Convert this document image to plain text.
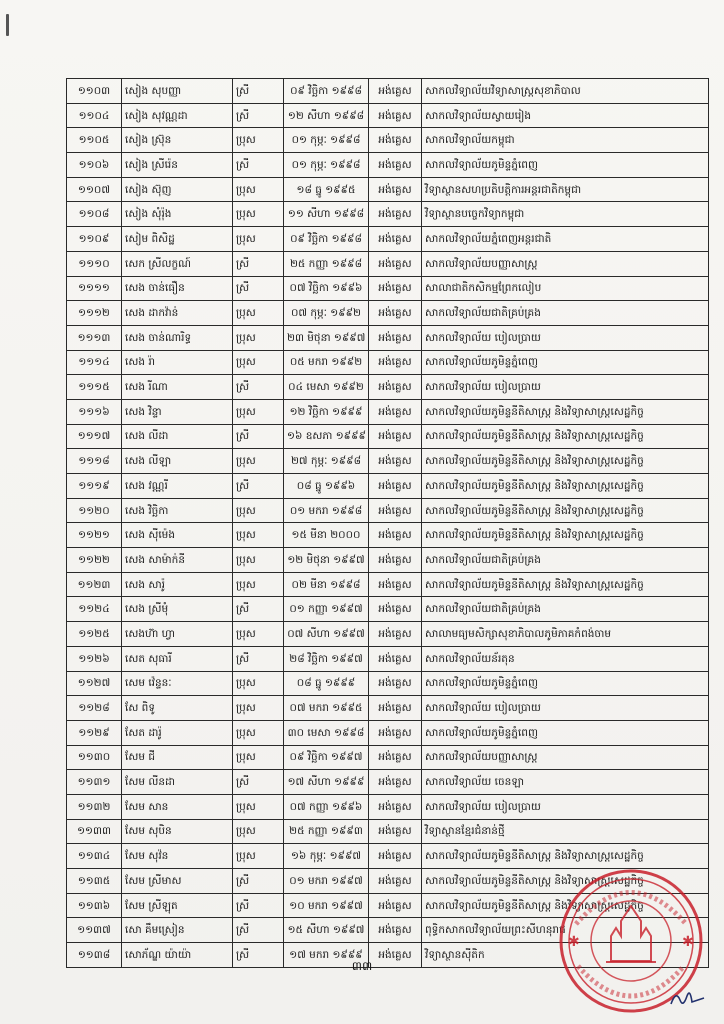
១១០៣	សៀង សុបញ្ញា	ស្រី	០៩ វិច្ឆិកា ១៩៩៨	អង់គ្លេស	សាកលវិទ្យាល័យវិទ្យាសាស្ត្រសុខាភិបាល
១១០៤	សៀង សុវណ្ណដា	ស្រី	១២ សីហា ១៩៩៨	អង់គ្លេស	សាកលវិទ្យាល័យស្វាយរៀង
១១០៥	សៀង ស្រ៊ុន	ប្រុស	០១ កុម្ភៈ ១៩៩៨	អង់គ្លេស	សាកលវិទ្យាល័យកម្ពុជា
១១០៦	សៀង ស្រីរ៉េន	ស្រី	០១ កុម្ភៈ ១៩៩៨	អង់គ្លេស	សាកលវិទ្យាល័យភូមិន្ទភ្នំពេញ
១១០៧	សៀង ស៊ុញ	ប្រុស	១៨ ធ្នូ ១៩៩៥	អង់គ្លេស	វិទ្យាស្ថានសហប្រតិបត្តិការអន្តរជាតិកម្ពុជា
១១០៨	សៀង សុំរ៉ុង	ប្រុស	១១ សីហា ១៩៩៨	អង់គ្លេស	វិទ្យាស្ថានបច្ចេកវិទ្យាកម្ពុជា
១១០៩	សៀម ពិសិដ្ឋ	ប្រុស	០៩ វិច្ឆិកា ១៩៩៨	អង់គ្លេស	សាកលវិទ្យាល័យភ្នំពេញអន្តរជាតិ
១១១០	សេក ស្រីលក្ខណ៍	ស្រី	២៥ កញ្ញា ១៩៩៨	អង់គ្លេស	សាកលវិទ្យាល័យបញ្ញាសាស្ត្រ
១១១១	សេង ចាន់ធឿន	ស្រី	០៧ វិច្ឆិកា ១៩៩៦	អង់គ្លេស	សាលាជាតិកសិកម្មព្រែកលៀប
១១១២	សេង ដាកវ៉ាន់	ប្រុស	០៧ កុម្ភៈ ១៩៩២	អង់គ្លេស	សាកលវិទ្យាល័យជាតិគ្រប់គ្រង
១១១៣	សេង ចាន់ណារិទ្ធ	ប្រុស	២៣ មិថុនា ១៩៩៧	អង់គ្លេស	សាកលវិទ្យាល័យ បៀលប្រាយ
១១១៤	សេង រ៉ា	ប្រុស	០៥ មករា ១៩៩២	អង់គ្លេស	សាកលវិទ្យាល័យភូមិន្ទភ្នំពេញ
១១១៥	សេង រីណា	ស្រី	០៤ មេសា ១៩៩២	អង់គ្លេស	សាកលវិទ្យាល័យ បៀលប្រាយ
១១១៦	សេង វិន្ទា	ប្រុស	១២ វិច្ឆិកា ១៩៩៩	អង់គ្លេស	សាកលវិទ្យាល័យភូមិន្ទនីតិសាស្ត្រ និងវិទ្យាសាស្ត្រសេដ្ឋកិច្ច
១១១៧	សេង លីដា	ស្រី	១៦ ឧសភា ១៩៩៩	អង់គ្លេស	សាកលវិទ្យាល័យភូមិន្ទនីតិសាស្ត្រ និងវិទ្យាសាស្ត្រសេដ្ឋកិច្ច
១១១៨	សេង លីឡា	ប្រុស	២៧ កុម្ភៈ ១៩៩៨	អង់គ្លេស	សាកលវិទ្យាល័យភូមិន្ទនីតិសាស្ត្រ និងវិទ្យាសាស្ត្រសេដ្ឋកិច្ច
១១១៩	សេង វណ្ណរី	ស្រី	០៨ ធ្នូ ១៩៩៦	អង់គ្លេស	សាកលវិទ្យាល័យភូមិន្ទនីតិសាស្ត្រ និងវិទ្យាសាស្ត្រសេដ្ឋកិច្ច
១១២០	សេង វិច្ឆិកា	ប្រុស	០១ មករា ១៩៩៨	អង់គ្លេស	សាកលវិទ្យាល័យភូមិន្ទនីតិសាស្ត្រ និងវិទ្យាសាស្ត្រសេដ្ឋកិច្ច
១១២១	សេង ស៊ីម៉េង	ប្រុស	១៥ មីនា ២០០០	អង់គ្លេស	សាកលវិទ្យាល័យភូមិន្ទនីតិសាស្ត្រ និងវិទ្យាសាស្ត្រសេដ្ឋកិច្ច
១១២២	សេង សាម៉ាក់នី	ប្រុស	១២ មិថុនា ១៩៩៧	អង់គ្លេស	សាកលវិទ្យាល័យជាតិគ្រប់គ្រង
១១២៣	សេង សារ៉ូ	ប្រុស	០២ មីនា ១៩៩៨	អង់គ្លេស	សាកលវិទ្យាល័យភូមិន្ទនីតិសាស្ត្រ និងវិទ្យាសាស្ត្រសេដ្ឋកិច្ច
១១២៤	សេង ស្រីមុំ	ស្រី	០១ កញ្ញា ១៩៩៧	អង់គ្លេស	សាកលវិទ្យាល័យជាតិគ្រប់គ្រង
១១២៥	សេងហ៊ា ហ្វា	ប្រុស	០៧ សីហា ១៩៩៧	អង់គ្លេស	សាលាមធ្យមសិក្សាសុខាភិបាលភូមិភាគកំពង់ចាម
១១២៦	សេត សុធារី	ស្រី	២៨ វិច្ឆិកា ១៩៩៧	អង់គ្លេស	សាកលវិទ្យាល័យន័រតុន
១១២៧	សេម វ៉េន្ទនៈ	ប្រុស	០៨ ធ្នូ ១៩៩៩	អង់គ្លេស	សាកលវិទ្យាល័យភូមិន្ទភ្នំពេញ
១១២៨	សែ ពិទូ	ប្រុស	០៧ មករា ១៩៩៥	អង់គ្លេស	សាកលវិទ្យាល័យ បៀលប្រាយ
១១២៩	សែត ដារ៉ូ	ប្រុស	៣០ មេសា ១៩៩៨	អង់គ្លេស	សាកលវិទ្យាល័យភូមិន្ទភ្នំពេញ
១១៣០	សែម ជី	ប្រុស	០៩ វិច្ឆិកា ១៩៩៧	អង់គ្លេស	សាកលវិទ្យាល័យបញ្ញាសាស្ត្រ
១១៣១	សែម លីនដា	ស្រី	១៧ សីហា ១៩៩៩	អង់គ្លេស	សាកលវិទ្យាល័យ ចេនឡា
១១៣២	សែម សាន	ប្រុស	០៧ កញ្ញា ១៩៩៦	អង់គ្លេស	សាកលវិទ្យាល័យ បៀលប្រាយ
១១៣៣	សែម សុបិន	ប្រុស	២៥ កញ្ញា ១៩៩៣	អង់គ្លេស	វិទ្យាស្ថានខ្មែរជំនាន់ថ្មី
១១៣៤	សែម សុវ៉ន	ប្រុស	១៦ កុម្ភៈ ១៩៩៧	អង់គ្លេស	សាកលវិទ្យាល័យភូមិន្ទនីតិសាស្ត្រ និងវិទ្យាសាស្ត្រសេដ្ឋកិច្ច
១១៣៥	សែម ស្រីមាស	ស្រី	០១ មករា ១៩៩៧	អង់គ្លេស	សាកលវិទ្យាល័យភូមិន្ទនីតិសាស្ត្រ និងវិទ្យាសាស្ត្រសេដ្ឋកិច្ច
១១៣៦	សែម ស្រីឡុត	ស្រី	១០ មករា ១៩៩៧	អង់គ្លេស	សាកលវិទ្យាល័យភូមិន្ទនីតិសាស្ត្រ និងវិទ្យាសាស្ត្រសេដ្ឋកិច្ច
១១៣៧	សោ គឹមស្រៀន	ស្រី	១៥ សីហា ១៩៩៧	អង់គ្លេស	ពុទ្ធិកសាកលវិទ្យាល័យព្រះសីហនុរាជ
១១៣៨	សោភ័ណ្ឌ យ៉ាយ៉ា	ស្រី	១៧ មករា ១៩៩៩	អង់គ្លេស	វិទ្យាស្ថានស៊ីតិក
៣៣
✱	✱
